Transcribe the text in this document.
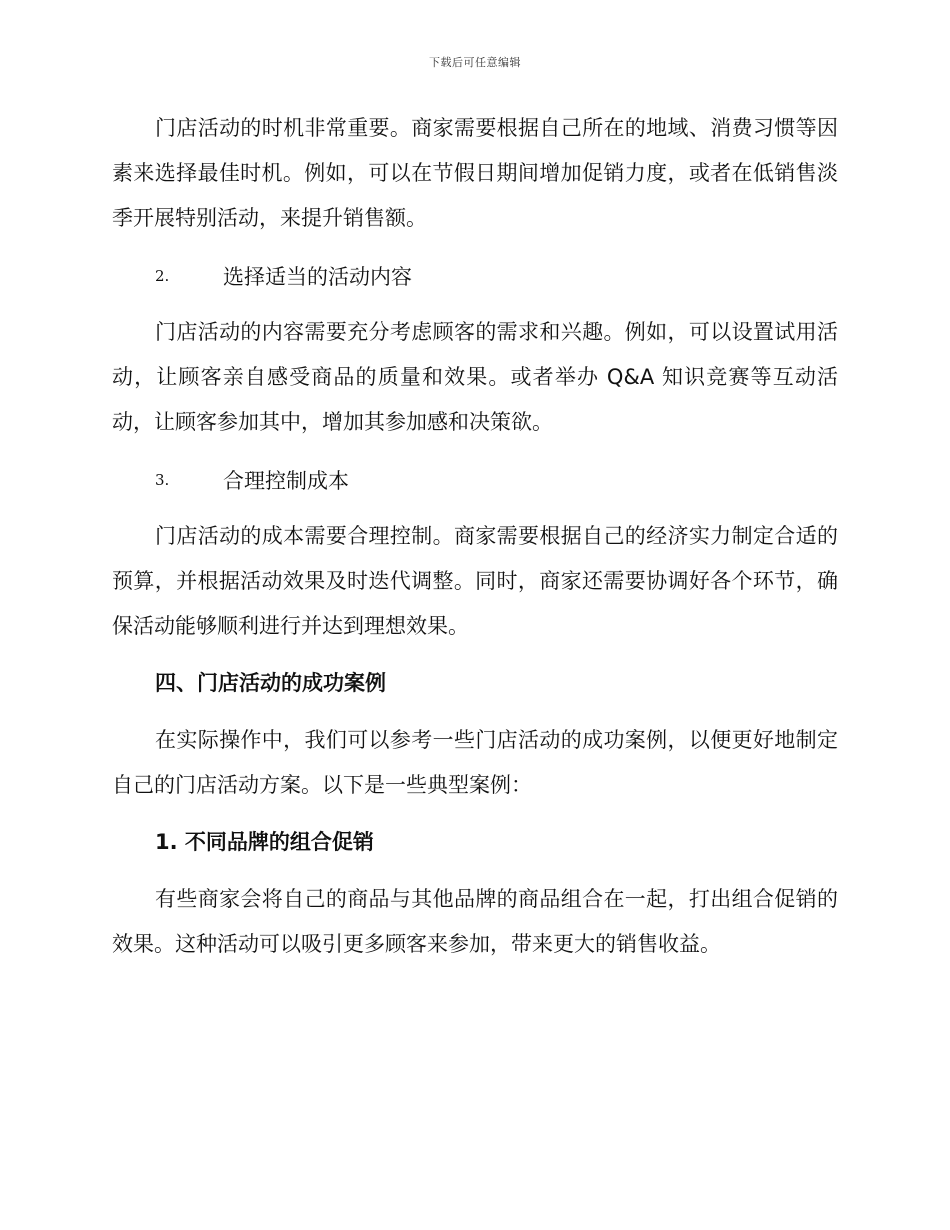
下载后可任意编辑

门店活动的时机非常重要。商家需要根据自己所在的地域、消费习惯等因素来选择最佳时机。例如，可以在节假日期间增加促销力度，或者在低销售淡季开展特别活动，来提升销售额。

2.	选择适当的活动内容

门店活动的内容需要充分考虑顾客的需求和兴趣。例如，可以设置试用活动，让顾客亲自感受商品的质量和效果。或者举办 Q&A 知识竞赛等互动活动，让顾客参加其中，增加其参加感和决策欲。

3.	合理控制成本

门店活动的成本需要合理控制。商家需要根据自己的经济实力制定合适的预算，并根据活动效果及时迭代调整。同时，商家还需要协调好各个环节，确保活动能够顺利进行并达到理想效果。

四、门店活动的成功案例

在实际操作中，我们可以参考一些门店活动的成功案例，以便更好地制定自己的门店活动方案。以下是一些典型案例：

1. 不同品牌的组合促销

有些商家会将自己的商品与其他品牌的商品组合在一起，打出组合促销的效果。这种活动可以吸引更多顾客来参加，带来更大的销售收益。
